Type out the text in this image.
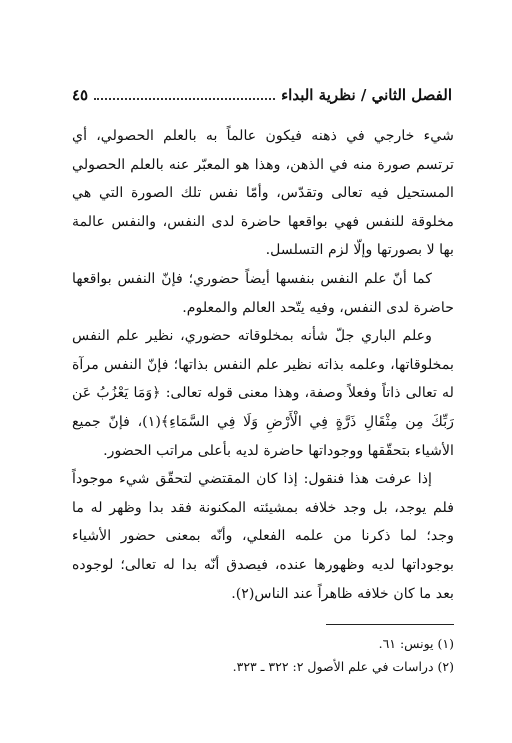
الفصل الثاني / نظرية البداء
٤٥

شيء خارجي في ذهنه فيكون عالماً به بالعلم الحصولي، أي ترتسم صورة منه في الذهن، وهذا هو المعبّر عنه بالعلم الحصولي المستحيل فيه تعالى وتقدّس، وأمّا نفس تلك الصورة التي هي مخلوقة للنفس فهي بواقعها حاضرة لدى النفس، والنفس عالمة بها لا بصورتها وإلّا لزم التسلسل.

كما أنّ علم النفس بنفسها أيضاً حضوري؛ فإنّ النفس بواقعها حاضرة لدى النفس، وفيه يتّحد العالم والمعلوم.

وعلم الباري جلّ شأنه بمخلوقاته حضوري، نظير علم النفس بمخلوقاتها، وعلمه بذاته نظير علم النفس بذاتها؛ فإنّ النفس مرآة له تعالى ذاتاً وفعلاً وصفة، وهذا معنى قوله تعالى: ﴿وَمَا يَعْزُبُ عَن رَبِّكَ مِن مِثْقَالِ ذَرَّةٍ فِي الْأَرْضِ وَلَا فِي السَّمَاءِ﴾(١)، فإنّ جميع الأشياء بتحقّقها ووجوداتها حاضرة لديه بأعلى مراتب الحضور.

إذا عرفت هذا فنقول: إذا كان المقتضي لتحقّق شيء موجوداً فلم يوجد، بل وجد خلافه بمشيئته المكنونة فقد بدا وظهر له ما وجد؛ لما ذكرنا من علمه الفعلي، وأنّه بمعنى حضور الأشياء بوجوداتها لديه وظهورها عنده، فيصدق أنّه بدا له تعالى؛ لوجوده بعد ما كان خلافه ظاهراً عند الناس(٢).

(١) يونس: ٦١.
(٢) دراسات في علم الأصول ٢: ٣٢٢ ـ ٣٢٣.
